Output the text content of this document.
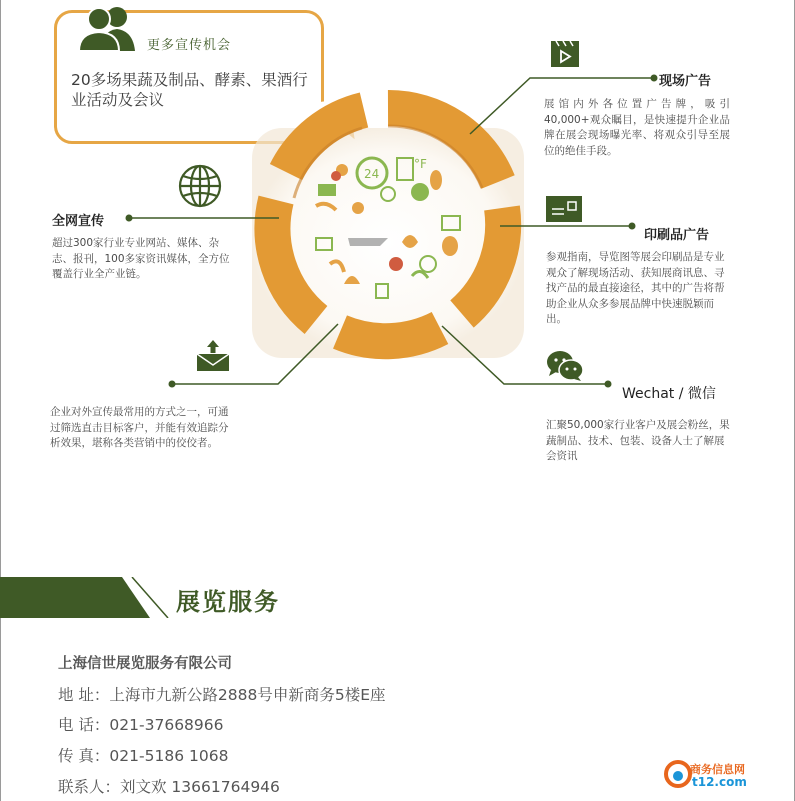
更多宣传机会
20多场果蔬及制品、酵素、果酒行业活动及会议
24
°F
现场广告
展馆内外各位置广告牌，吸引40,000+观众瞩目，是快速提升企业品牌在展会现场曝光率、将观众引导至展位的绝佳手段。
全网宣传
超过300家行业专业网站、媒体、杂志、报刊，100多家资讯媒体，全方位覆盖行业全产业链。
印刷品广告
参观指南，导览图等展会印刷品是专业观众了解现场活动、获知展商讯息、寻找产品的最直接途径，其中的广告将帮助企业从众多参展品牌中快速脱颖而出。
企业对外宣传最常用的方式之一，可通过筛选直击目标客户，并能有效追踪分析效果，堪称各类营销中的佼佼者。
Wechat / 微信
汇聚50,000家行业客户及展会粉丝，果蔬制品、技术、包装、设备人士了解展会资讯
展览服务
上海信世展览服务有限公司
地 址：上海市九新公路2888号申新商务5楼E座
电 话：021-37668966
传 真：021-5186 1068
联系人：刘文欢 13661764946
商务信息网
t12.com
